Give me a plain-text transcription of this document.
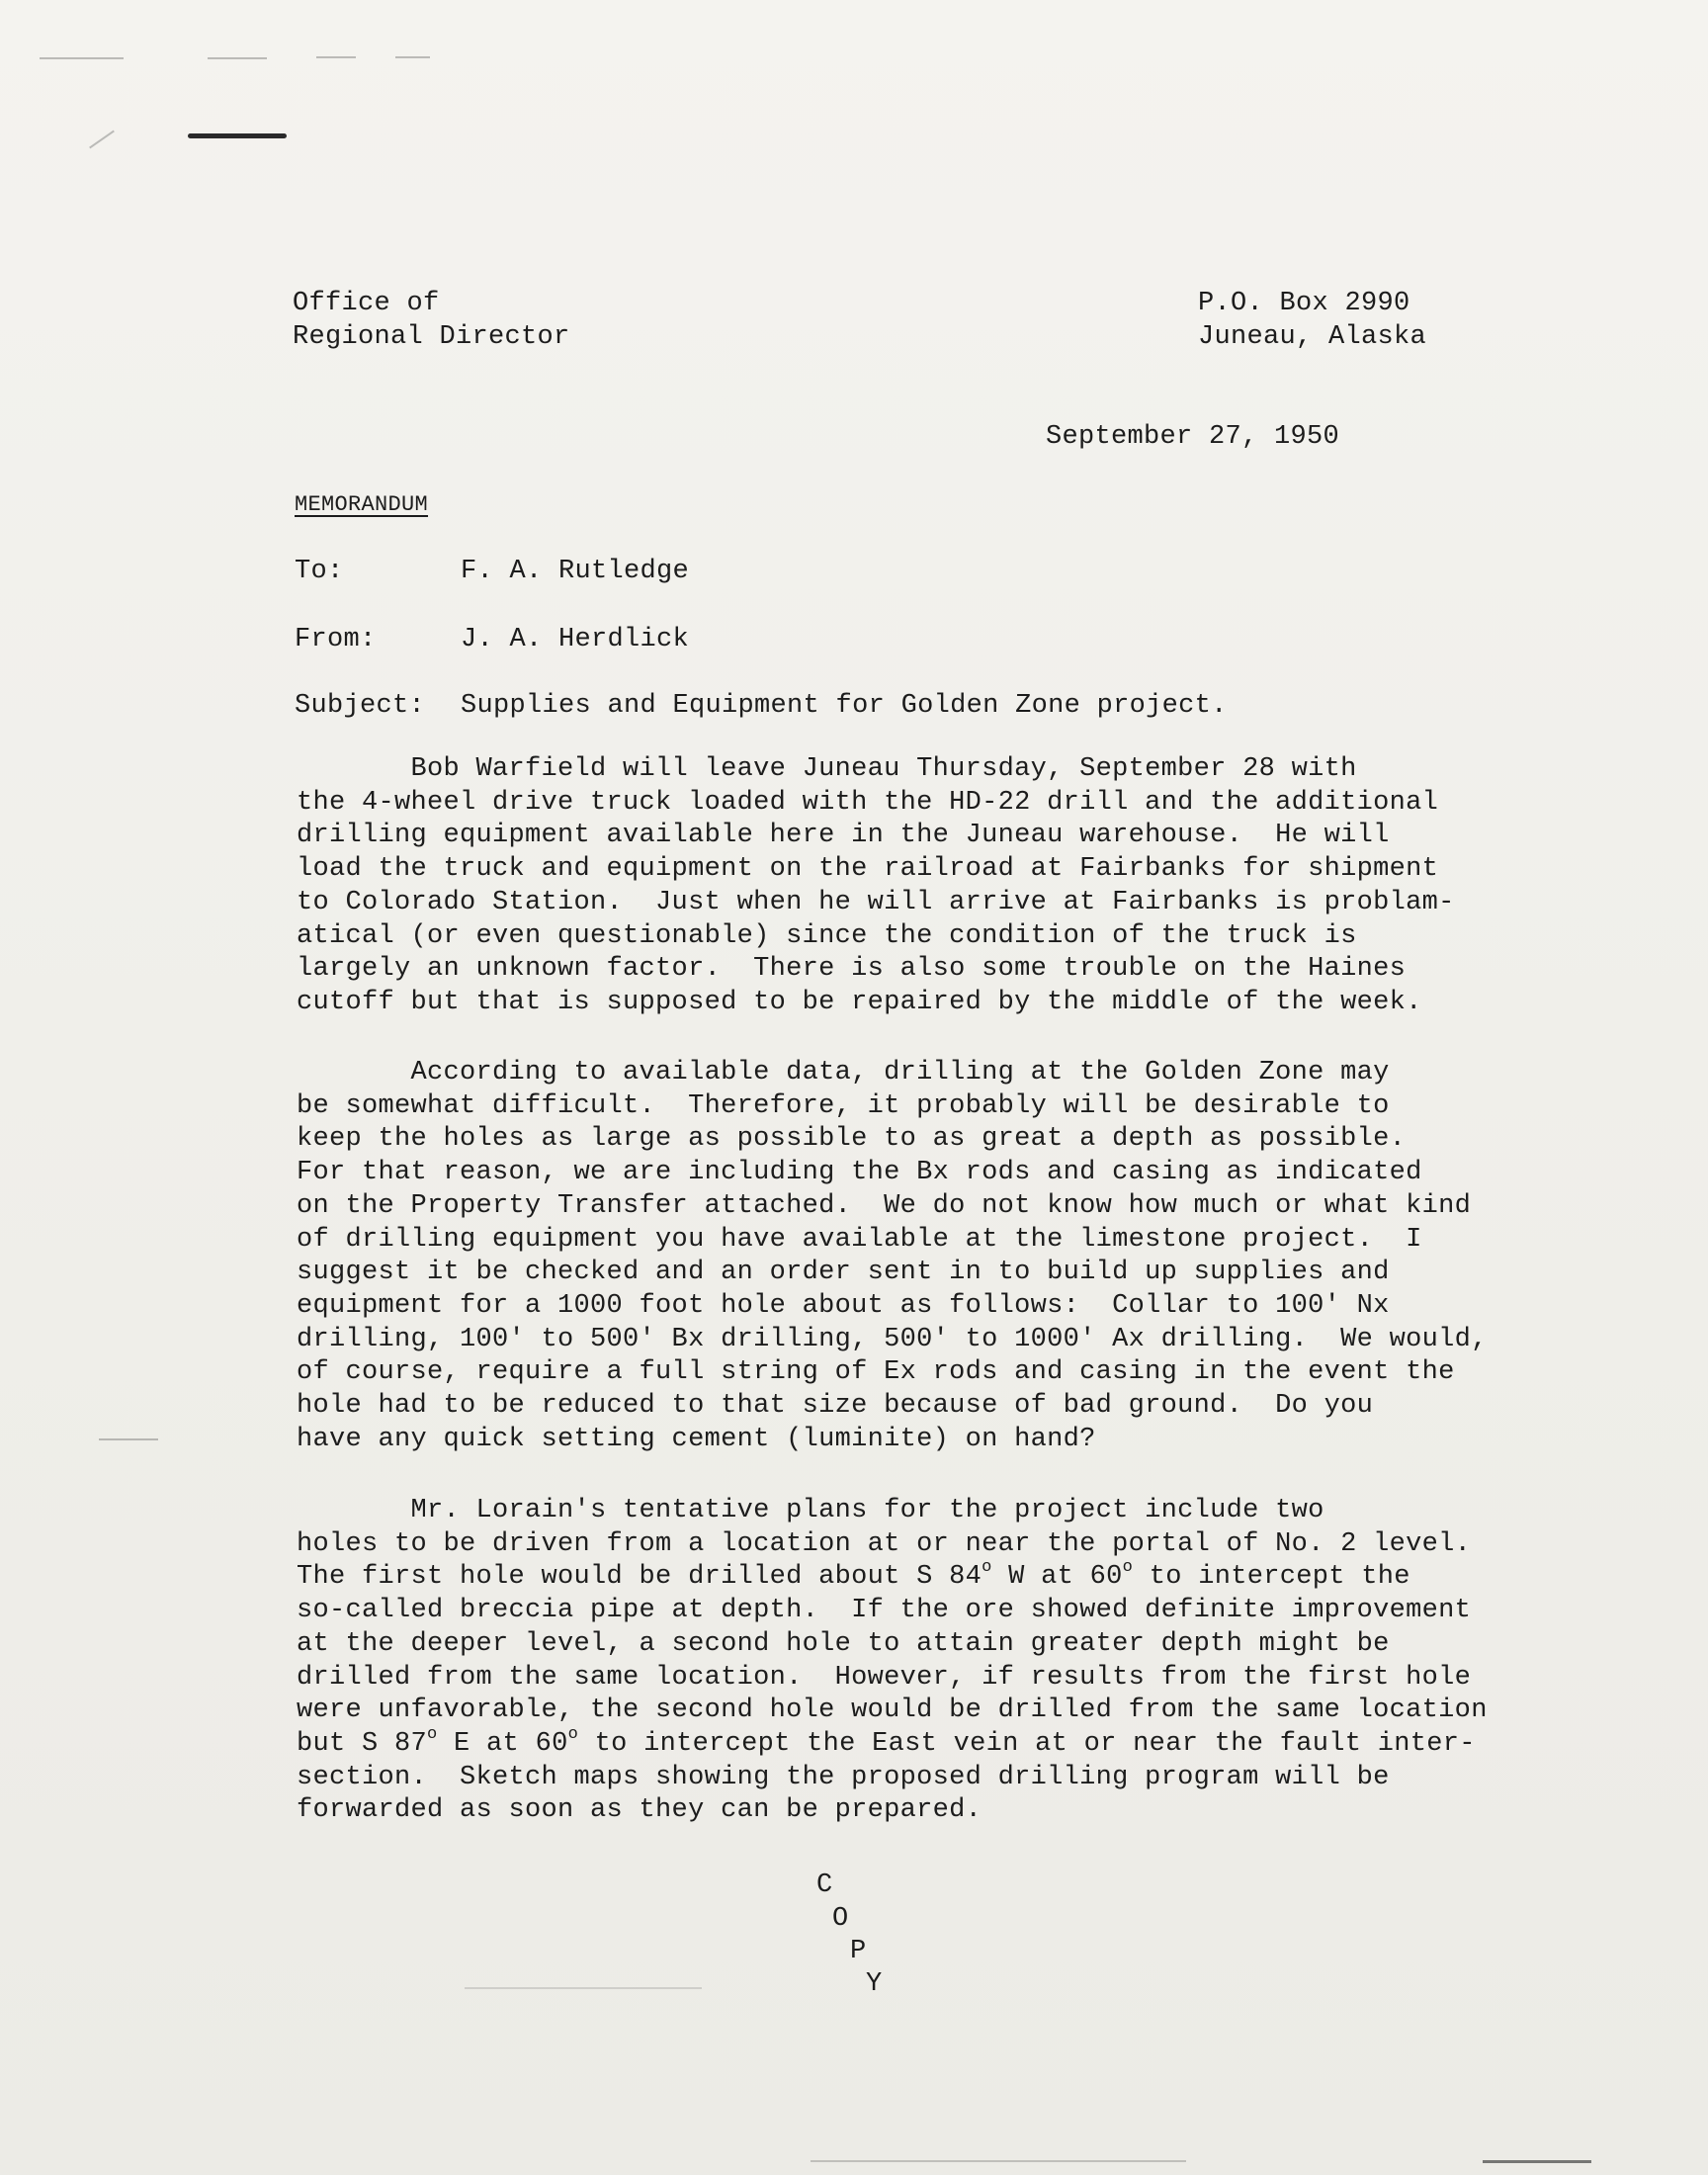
Office of
Regional Director
P.O. Box 2990
Juneau, Alaska
September 27, 1950
MEMORANDUM
To:	F. A. Rutledge
From:	J. A. Herdlick
Subject: Supplies and Equipment for Golden Zone project.
Bob Warfield will leave Juneau Thursday, September 28 with
the 4-wheel drive truck loaded with the HD-22 drill and the additional
drilling equipment available here in the Juneau warehouse.  He will
load the truck and equipment on the railroad at Fairbanks for shipment
to Colorado Station.  Just when he will arrive at Fairbanks is problam-
atical (or even questionable) since the condition of the truck is
largely an unknown factor.  There is also some trouble on the Haines
cutoff but that is supposed to be repaired by the middle of the week.
According to available data, drilling at the Golden Zone may
be somewhat difficult.  Therefore, it probably will be desirable to
keep the holes as large as possible to as great a depth as possible.
For that reason, we are including the Bx rods and casing as indicated
on the Property Transfer attached.  We do not know how much or what kind
of drilling equipment you have available at the limestone project.  I
suggest it be checked and an order sent in to build up supplies and
equipment for a 1000 foot hole about as follows:  Collar to 100' Nx
drilling, 100' to 500' Bx drilling, 500' to 1000' Ax drilling.  We would,
of course, require a full string of Ex rods and casing in the event the
hole had to be reduced to that size because of bad ground.  Do you
have any quick setting cement (luminite) on hand?
Mr. Lorain's tentative plans for the project include two
holes to be driven from a location at or near the portal of No. 2 level.
The first hole would be drilled about S 84$^o$ W at 60$^o$ to intercept the
so-called breccia pipe at depth.  If the ore showed definite improvement
at the deeper level, a second hole to attain greater depth might be
drilled from the same location.  However, if results from the first hole
were unfavorable, the second hole would be drilled from the same location
but S 87$^o$ E at 60$^o$ to intercept the East vein at or near the fault inter-
section.  Sketch maps showing the proposed drilling program will be
forwarded as soon as they can be prepared.
C
O
P
Y
